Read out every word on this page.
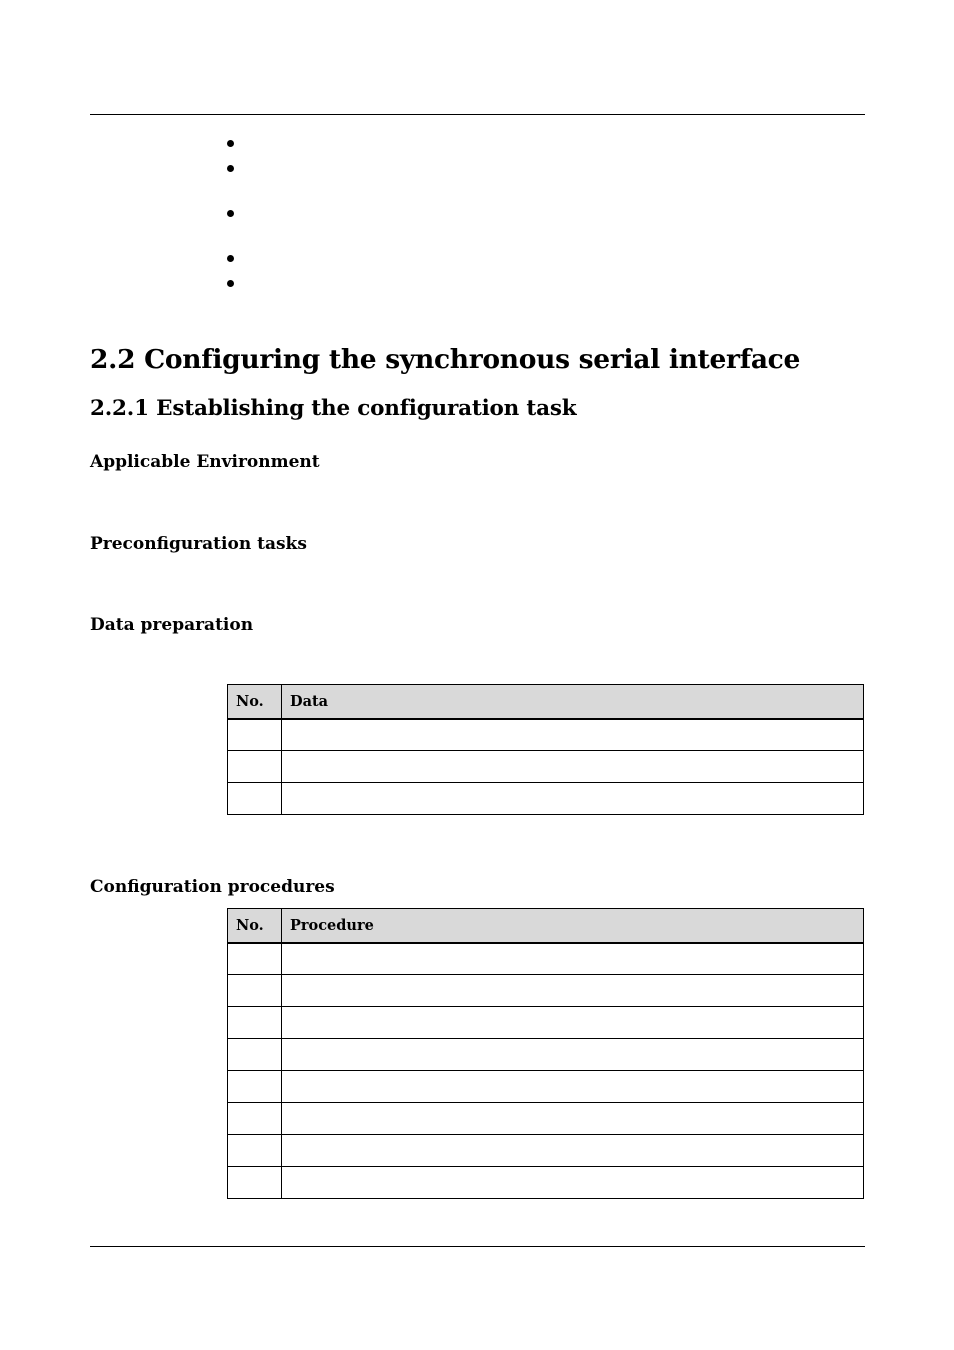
2.2 Configuring the synchronous serial interface
2.2.1 Establishing the configuration task
Applicable Environment
Preconfiguration tasks
Data preparation
No.	Data

Configuration procedures
No.	Procedure
